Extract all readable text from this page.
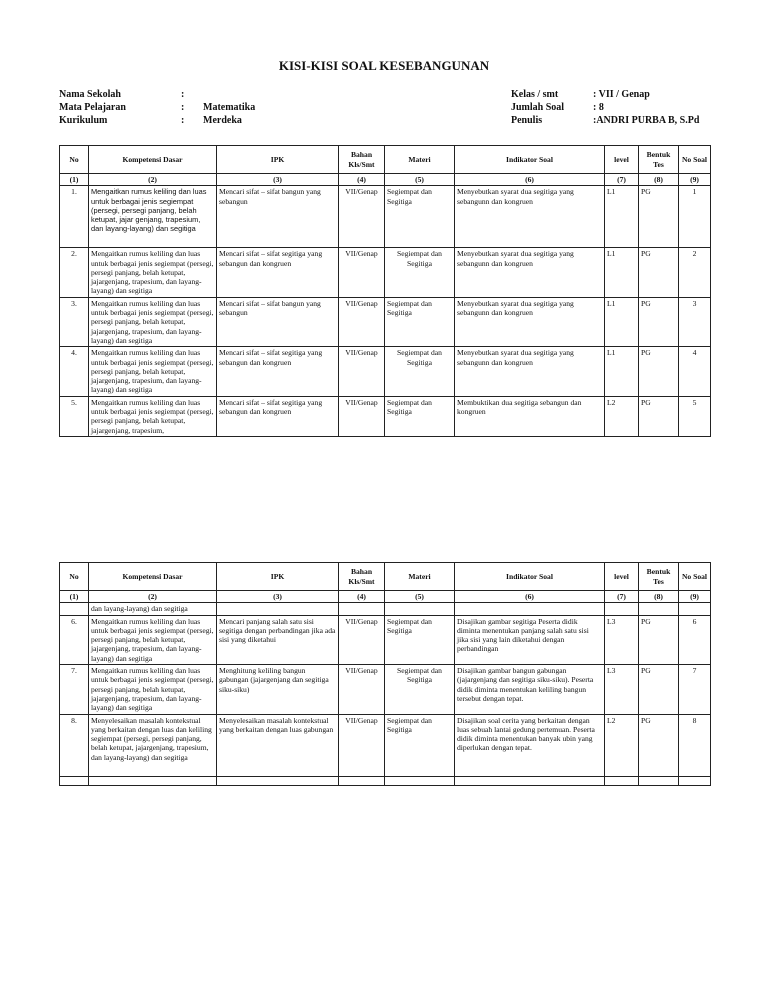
KISI-KISI SOAL KESEBANGUNAN
Nama Sekolah	:
Mata Pelajaran	:	Matematika
Kurikulum	:	Merdeka
Kelas / smt	: VII / Genap
Jumlah Soal	: 8
Penulis	:ANDRI PURBA B, S.Pd
No	Kompetensi Dasar	IPK	Bahan Kls/Smt	Materi	Indikator Soal	level	Bentuk Tes	No Soal
(1)	(2)	(3)	(4)	(5)	(6)	(7)	(8)	(9)
1.	Mengaitkan rumus keliling dan luas untuk berbagai jenis segiempat (persegi, persegi panjang, belah ketupat, jajar genjang, trapesium, dan layang-layang) dan segitiga	Mencari sifat – sifat bangun yang sebangun	VII/Genap	Segiempat dan Segitiga	Menyebutkan syarat dua segitiga yang sebangunn dan kongruen	L1	PG	1
2.	Mengaitkan rumus keliling dan luas untuk berbagai jenis segiempat (persegi, persegi panjang, belah ketupat, jajargenjang, trapesium, dan layang-layang) dan segitiga	Mencari sifat – sifat segitiga yang sebangun dan kongruen	VII/Genap	Segiempat dan Segitiga	Menyebutkan syarat dua segitiga yang sebangunn dan kongruen	L1	PG	2
3.	Mengaitkan rumus keliling dan luas untuk berbagai jenis segiempat (persegi, persegi panjang, belah ketupat, jajargenjang, trapesium, dan layang-layang) dan segitiga	Mencari sifat – sifat bangun yang sebangun	VII/Genap	Segiempat dan Segitiga	Menyebutkan syarat dua segitiga yang sebangunn dan kongruen	L1	PG	3
4.	Mengaitkan rumus keliling dan luas untuk berbagai jenis segiempat (persegi, persegi panjang, belah ketupat, jajargenjang, trapesium, dan layang-layang) dan segitiga	Mencari sifat – sifat segitiga yang sebangun dan kongruen	VII/Genap	Segiempat dan Segitiga	Menyebutkan syarat dua segitiga yang sebangunn dan kongruen	L1	PG	4
5.	Mengaitkan rumus keliling dan luas untuk berbagai jenis segiempat (persegi, persegi panjang, belah ketupat, jajargenjang, trapesium,	Mencari sifat – sifat segitiga yang sebangun dan kongruen	VII/Genap	Segiempat dan Segitiga	Membuktikan dua segitiga sebangun dan kongruen	L2	PG	5
No	Kompetensi Dasar	IPK	Bahan Kls/Smt	Materi	Indikator Soal	level	Bentuk Tes	No Soal
(1)	(2)	(3)	(4)	(5)	(6)	(7)	(8)	(9)
	dan layang-layang) dan segitiga							
6.	Mengaitkan rumus keliling dan luas untuk berbagai jenis segiempat (persegi, persegi panjang, belah ketupat, jajargenjang, trapesium, dan layang-layang) dan segitiga	Mencari panjang salah satu sisi segitiga dengan perbandingan jika ada sisi yang diketahui	VII/Genap	Segiempat dan Segitiga	Disajikan gambar segitiga Peserta didik diminta menentukan panjang salah satu sisi jika sisi yang lain diketahui dengan perbandingan	L3	PG	6
7.	Mengaitkan rumus keliling dan luas untuk berbagai jenis segiempat (persegi, persegi panjang, belah ketupat, jajargenjang, trapesium, dan layang-layang) dan segitiga	Menghitung keliling bangun gabungan (jajargenjang dan segitiga siku-siku)	VII/Genap	Segiempat dan Segitiga	Disajikan gambar bangun gabungan (jajargenjang dan segitiga siku-siku). Peserta didik diminta menentukan keliling bangun tersebut dengan tepat.	L3	PG	7
8.	Menyelesaikan masalah kontekstual yang berkaitan dengan luas dan keliling segiempat (persegi, persegi panjang, belah ketupat, jajargenjang, trapesium, dan layang-layang) dan segitiga	Menyelesaikan masalah kontekstual yang berkaitan dengan luas gabungan	VII/Genap	Segiempat dan Segitiga	Disajikan soal cerita yang berkaitan dengan luas sebuah lantai gedung pertemuan. Peserta didik diminta menentukan banyak ubin yang diperlukan dengan tepat.	L2	PG	8
